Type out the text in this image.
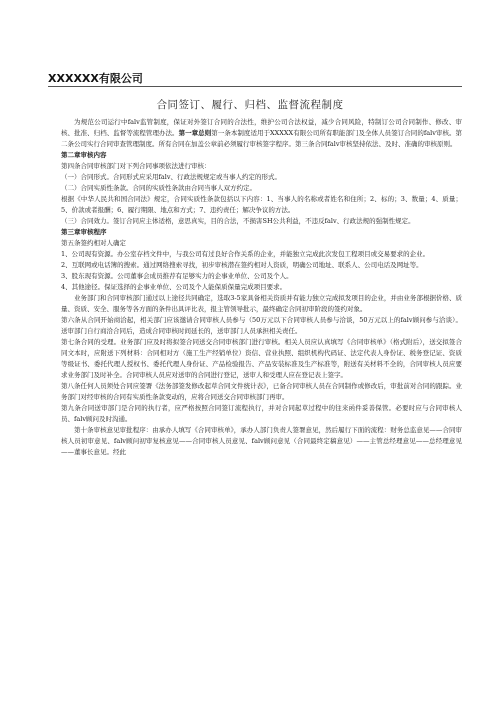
XXXXXX有限公司
合同签订、履行、归档、监督流程制度

为规范公司运行中falv监管制度，保证对外签订合同的合法性，维护公司合法权益，减少合同风险，特制订公司合同制作、修改、审核、批准、归档、监督等流程管理办法。第一章总则第一条本制度适用于XXXXX有限公司所有职能部门及全体人员签订合同的falv审核。第二条公司实行合同审查管理制度。所有合同在加盖公章前必须履行审核签字程序。第三条合同falv审核坚持依法、及时、准确的审核原则。

第二章审核内容

第四条合同审核部门对下列合同事项依法进行审核：

（一）合同形式。合同形式应采用falv、行政法规规定或当事人约定的形式。

（二）合同实质性条款。合同的实质性条款由合同当事人双方约定。

根据《中华人民共和国合同法》规定，合同实质性条款包括以下内容：1、当事人的名称或者姓名和住所；2、标的；3、数量；4、质量；5、价款或者报酬；6、履行期限、地点和方式；7、违约责任；解决争议的方法。

（三）合同效力。签订合同应主体适格，意思真实，目的合法，不损害SH公共利益，不违反falv、行政法规的强制性规定。

第三章审核程序

第五条签约相对人确定

1、公司现有资源。办公室存档文件中，与我公司有过良好合作关系的企业，并能独立完成此次发包工程项目或交易要求的企业。

2、互联网或电话簿的搜索。通过网络搜索寻找，初步审核潜在签约相对人资质，明确公司地址、联系人、公司电话及网址等。

3、股东现有资源。公司董事会成员推荐有足够实力的企事业单位、公司及个人。

4、其他途径。保证选择的企事业单位、公司及个人能保质保量完成项目要求。

业务部门和合同审核部门通过以上途径共同确定，选取3-5家具备相关资质并有能力独立完成拟发项目的企业，并由业务部根据价格、质量、资质、安全、服务等各方面的条件出具评比表，报主管领导批示，最终确定合同初审阶段的签约对象。

第六条从合同开始商洽起，相关部门应该邀请合同审核人员参与（50万元以下合同审核人员参与洽谈，50万元以上的falv顾问参与洽谈）。送审部门自行商洽合同后，造成合同审核时间延长的，送审部门人员承担相关责任。

第七条合同的受理。业务部门应及时将拟签合同送交合同审核部门进行审核。相关人员应认真填写《合同审核单》（格式附后），送交拟签合同文本时，应附送下列材料：合同相对方（施工生产经销单位）资信、营业执照、组织机构代码证、法定代表人身份证、税务登记证、资质等级证书、委托代理人授权书、委托代理人身份证、产品检验报告、产品安装标准及生产标准等，附送有关材料不全的，合同审核人员应要求业务部门及时补全。合同审核人员应对送审的合同进行登记，送审人和受理人应在登记表上签字。

第八条任何人员须处合同应签署《法务部签发修改起草合同文件统计表》，已备合同审核人员在合同制作或修改后，审批前对合同的跟踪。业务部门对经审核的合同有实质性条款变动的，应将合同送交合同审核部门再审。

第九条合同送审部门是合同的执行者，应严格按照合同签订流程执行，并对合同起草过程中的往来函件妥善保管。必要时应与合同审核人员、falv顾问及时沟通。

第十条审核意见审批程序：由承办人填写《合同审核单》，承办人部门负责人签署意见，然后履行下面的流程：财务总监意见——合同审核人员初审意见、falv顾问初审复核意见——合同审核人员意见、falv顾问意见（合同最终定稿意见）——主管总经理意见——总经理意见——董事长意见。经此
